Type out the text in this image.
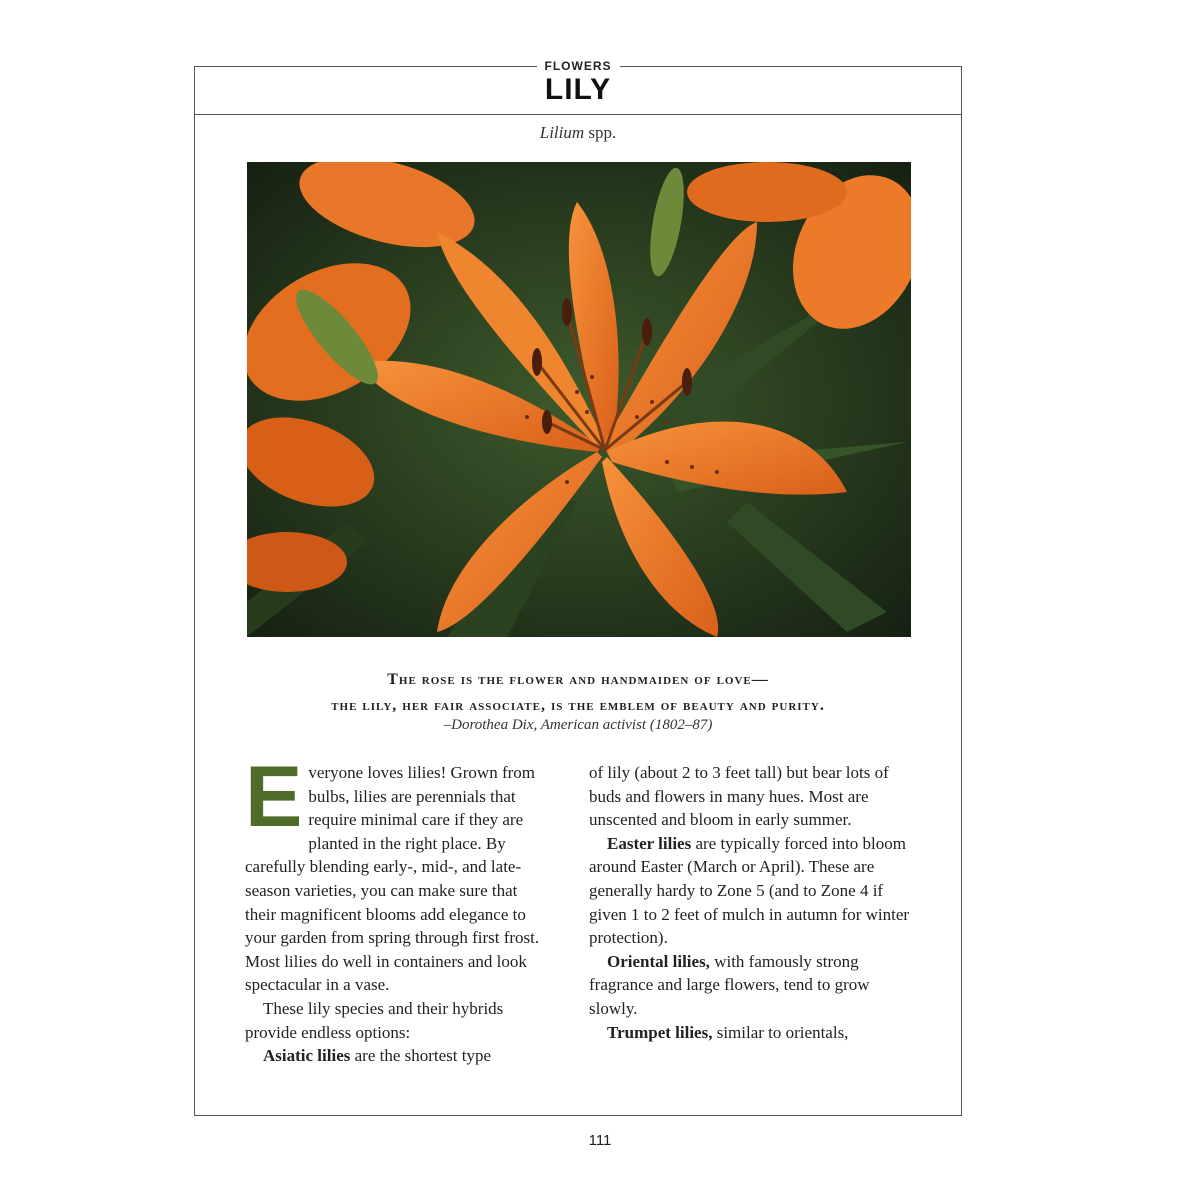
FLOWERS
LILY
Lilium spp.
The rose is the flower and handmaiden of love—
the lily, her fair associate, is the emblem of beauty and purity.
–Dorothea Dix, American activist (1802–87)

Everyone loves lilies! Grown from bulbs, lilies are perennials that require minimal care if they are planted in the right place. By carefully blending early-, mid-, and late-season varieties, you can make sure that their magnificent blooms add elegance to your garden from spring through first frost. Most lilies do well in containers and look spectacular in a vase.

These lily species and their hybrids provide endless options:

Asiatic lilies are the shortest type

of lily (about 2 to 3 feet tall) but bear lots of buds and flowers in many hues. Most are unscented and bloom in early summer.

Easter lilies are typically forced into bloom around Easter (March or April). These are generally hardy to Zone 5 (and to Zone 4 if given 1 to 2 feet of mulch in autumn for winter protection).

Oriental lilies, with famously strong fragrance and large flowers, tend to grow slowly.

Trumpet lilies, similar to orientals,

111
